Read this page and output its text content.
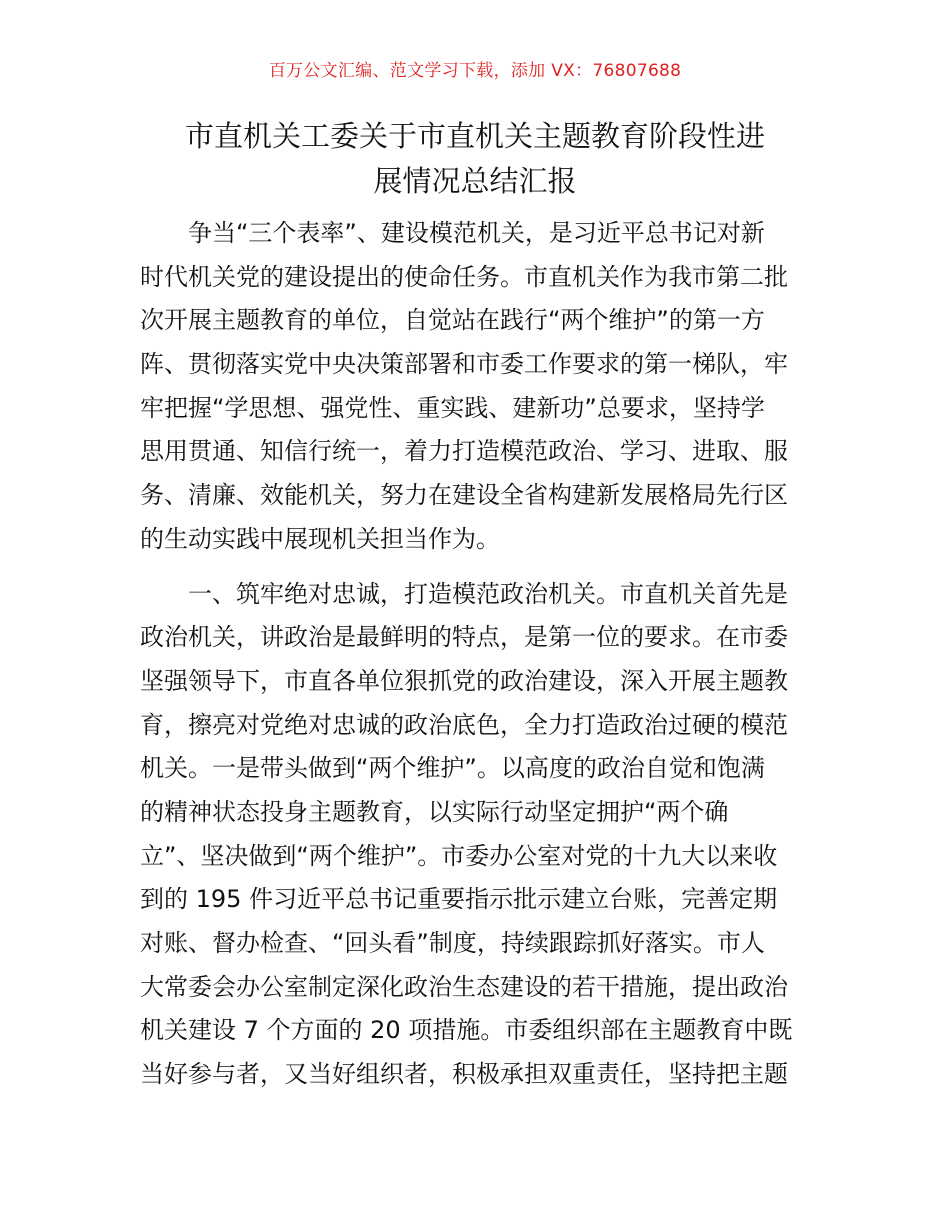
百万公文汇编、范文学习下载，添加 VX：76807688
市直机关工委关于市直机关主题教育阶段性进
展情况总结汇报
争当“三个表率”、建设模范机关，是习近平总书记对新
时代机关党的建设提出的使命任务。市直机关作为我市第二批
次开展主题教育的单位，自觉站在践行“两个维护”的第一方
阵、贯彻落实党中央决策部署和市委工作要求的第一梯队，牢
牢把握“学思想、强党性、重实践、建新功”总要求，坚持学
思用贯通、知信行统一，着力打造模范政治、学习、进取、服
务、清廉、效能机关，努力在建设全省构建新发展格局先行区
的生动实践中展现机关担当作为。
一、筑牢绝对忠诚，打造模范政治机关。市直机关首先是
政治机关，讲政治是最鲜明的特点，是第一位的要求。在市委
坚强领导下，市直各单位狠抓党的政治建设，深入开展主题教
育，擦亮对党绝对忠诚的政治底色，全力打造政治过硬的模范
机关。一是带头做到“两个维护”。以高度的政治自觉和饱满
的精神状态投身主题教育，以实际行动坚定拥护“两个确
立”、坚决做到“两个维护”。市委办公室对党的十九大以来收
到的 195 件习近平总书记重要指示批示建立台账，完善定期
对账、督办检查、“回头看”制度，持续跟踪抓好落实。市人
大常委会办公室制定深化政治生态建设的若干措施，提出政治
机关建设 7 个方面的 20 项措施。市委组织部在主题教育中既
当好参与者，又当好组织者，积极承担双重责任，坚持把主题
